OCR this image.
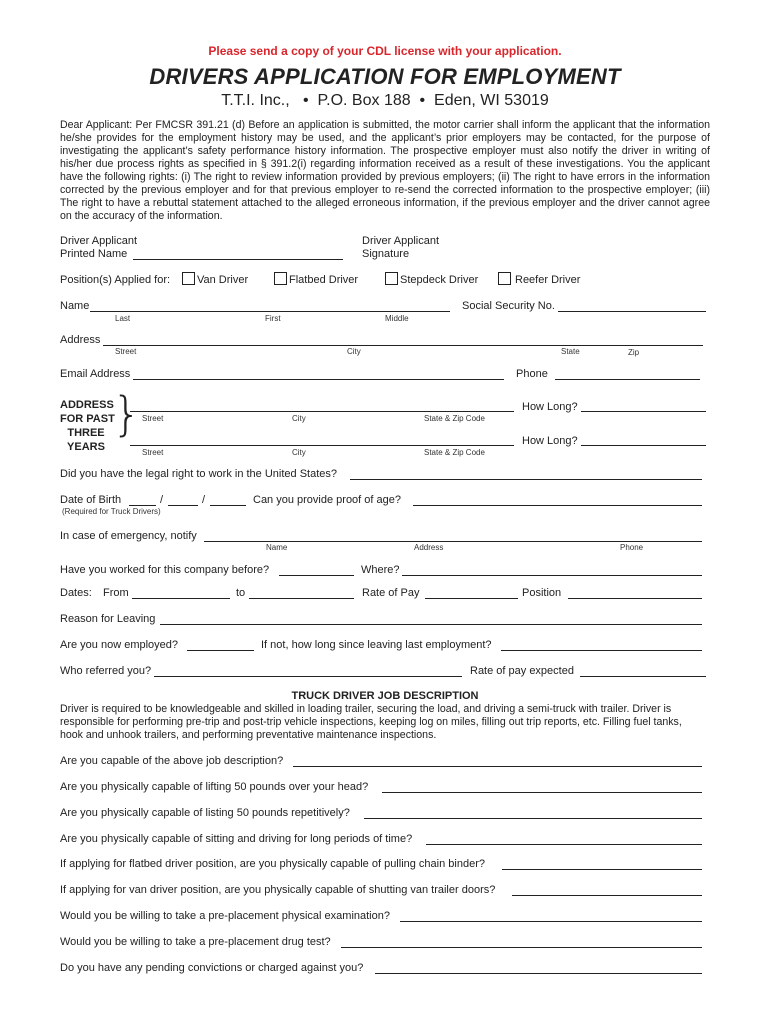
Please send a copy of your CDL license with your application.
DRIVERS APPLICATION FOR EMPLOYMENT
T.T.I. Inc., • P.O. Box 188 • Eden, WI 53019
Dear Applicant: Per FMCSR 391.21 (d) Before an application is submitted, the motor carrier shall inform the applicant that the information he/she provides for the employment history may be used, and the applicant’s prior employers may be contacted, for the purpose of investigating the applicant’s safety performance history information. The prospective employer must also notify the driver in writing of his/her due process rights as specified in § 391.2(i) regarding information received as a result of these investigations. You the applicant have the following rights: (i) The right to review information provided by previous employers; (ii) The right to have errors in the information corrected by the previous employer and for that previous employer to re-send the corrected information to the prospective employer; (iii) The right to have a rebuttal statement attached to the alleged erroneous information, if the previous employer and the driver cannot agree on the accuracy of the information.
Driver Applicant
Printed Name
Driver Applicant
Signature
Position(s) Applied for: Van Driver	Flatbed Driver	Stepdeck Driver	Reefer Driver
Name
Last	First	Middle
Social Security No.
Address
Street	City	State	Zip
Email Address	Phone
ADDRESS
FOR PAST
THREE
YEARS
} Street	City	State & Zip Code
How Long?
Street	City	State & Zip Code
How Long?
Did you have the legal right to work in the United States?
Date of Birth	/	/	Can you provide proof of age?
(Required for Truck Drivers)
In case of emergency, notify
Name	Address	Phone
Have you worked for this company before?	Where?
Dates: From	to	Rate of Pay	Position
Reason for Leaving
Are you now employed?	If not, how long since leaving last employment?
Who referred you?	Rate of pay expected
TRUCK DRIVER JOB DESCRIPTION
Driver is required to be knowledgeable and skilled in loading trailer, securing the load, and driving a semi-truck with trailer. Driver is responsible for performing pre-trip and post-trip vehicle inspections, keeping log on miles, filling out trip reports, etc. Filling fuel tanks, hook and unhook trailers, and performing preventative maintenance inspections.
Are you capable of the above job description?
Are you physically capable of lifting 50 pounds over your head?
Are you physically capable of listing 50 pounds repetitively?
Are you physically capable of sitting and driving for long periods of time?
If applying for flatbed driver position, are you physically capable of pulling chain binder?
If applying for van driver position, are you physically capable of shutting van trailer doors?
Would you be willing to take a pre-placement physical examination?
Would you be willing to take a pre-placement drug test?
Do you have any pending convictions or charged against you?
